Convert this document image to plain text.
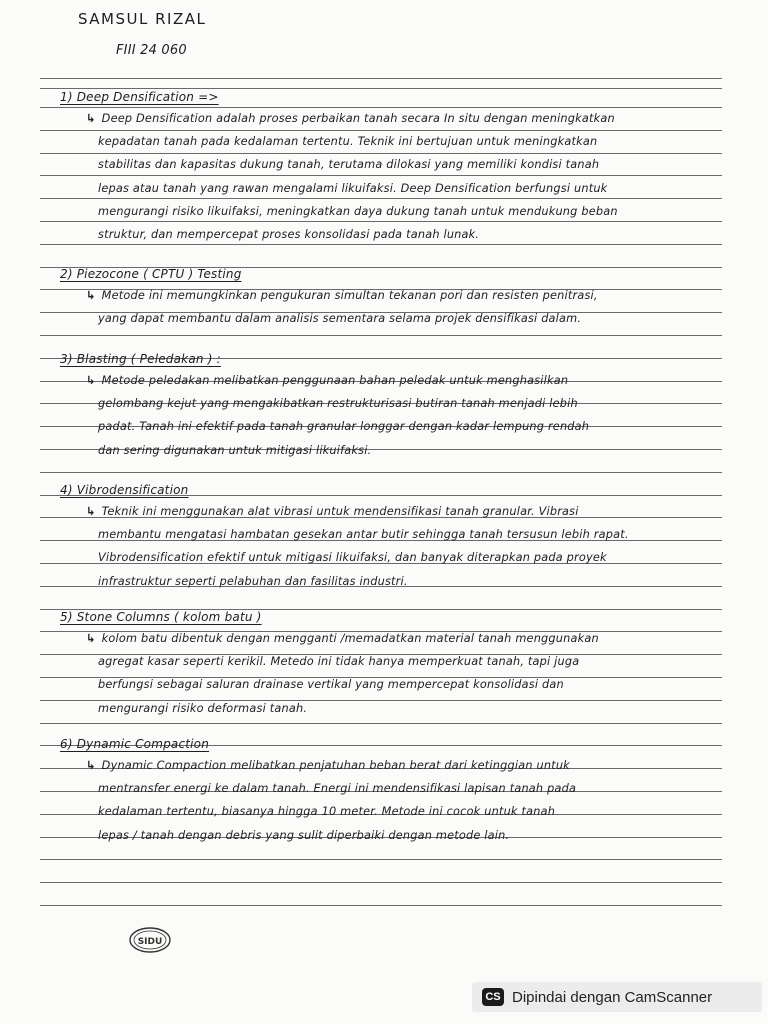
SAMSUL RIZAL
FIII 24 060
1) Deep Densification =>
↳ Deep Densification adalah proses perbaikan tanah secara In situ dengan meningkatkan
kepadatan tanah pada kedalaman tertentu. Teknik ini bertujuan untuk meningkatkan
stabilitas dan kapasitas dukung tanah, terutama dilokasi yang memiliki kondisi tanah
lepas atau tanah yang rawan mengalami likuifaksi. Deep Densification berfungsi untuk
mengurangi risiko likuifaksi, meningkatkan daya dukung tanah untuk mendukung beban
struktur, dan mempercepat proses konsolidasi pada tanah lunak.
2) Piezocone ( CPTU ) Testing
↳ Metode ini memungkinkan pengukuran simultan tekanan pori dan resisten penitrasi,
yang dapat membantu dalam analisis sementara selama projek densifikasi dalam.
3) Blasting ( Peledakan ) :
↳ Metode peledakan melibatkan penggunaan bahan peledak untuk menghasilkan
gelombang kejut yang mengakibatkan restrukturisasi butiran tanah menjadi lebih
padat. Tanah ini efektif pada tanah granular longgar dengan kadar lempung rendah
dan sering digunakan untuk mitigasi likuifaksi.
4) Vibrodensification
↳ Teknik ini menggunakan alat vibrasi untuk mendensifikasi tanah granular. Vibrasi
membantu mengatasi hambatan gesekan antar butir sehingga tanah tersusun lebih rapat.
Vibrodensification efektif untuk mitigasi likuifaksi, dan banyak diterapkan pada proyek
infrastruktur seperti pelabuhan dan fasilitas industri.
5) Stone Columns ( kolom batu )
↳ kolom batu dibentuk dengan mengganti /memadatkan material tanah menggunakan
agregat kasar seperti kerikil. Metedo ini tidak hanya memperkuat tanah, tapi juga
berfungsi sebagai saluran drainase vertikal yang mempercepat konsolidasi dan
mengurangi risiko deformasi tanah.
6) Dynamic Compaction
↳ Dynamic Compaction melibatkan penjatuhan beban berat dari ketinggian untuk
mentransfer energi ke dalam tanah. Energi ini mendensifikasi lapisan tanah pada
kedalaman tertentu, biasanya hingga 10 meter. Metode ini cocok untuk tanah
lepas / tanah dengan debris yang sulit diperbaiki dengan metode lain.
SIDU
CS Dipindai dengan CamScanner
